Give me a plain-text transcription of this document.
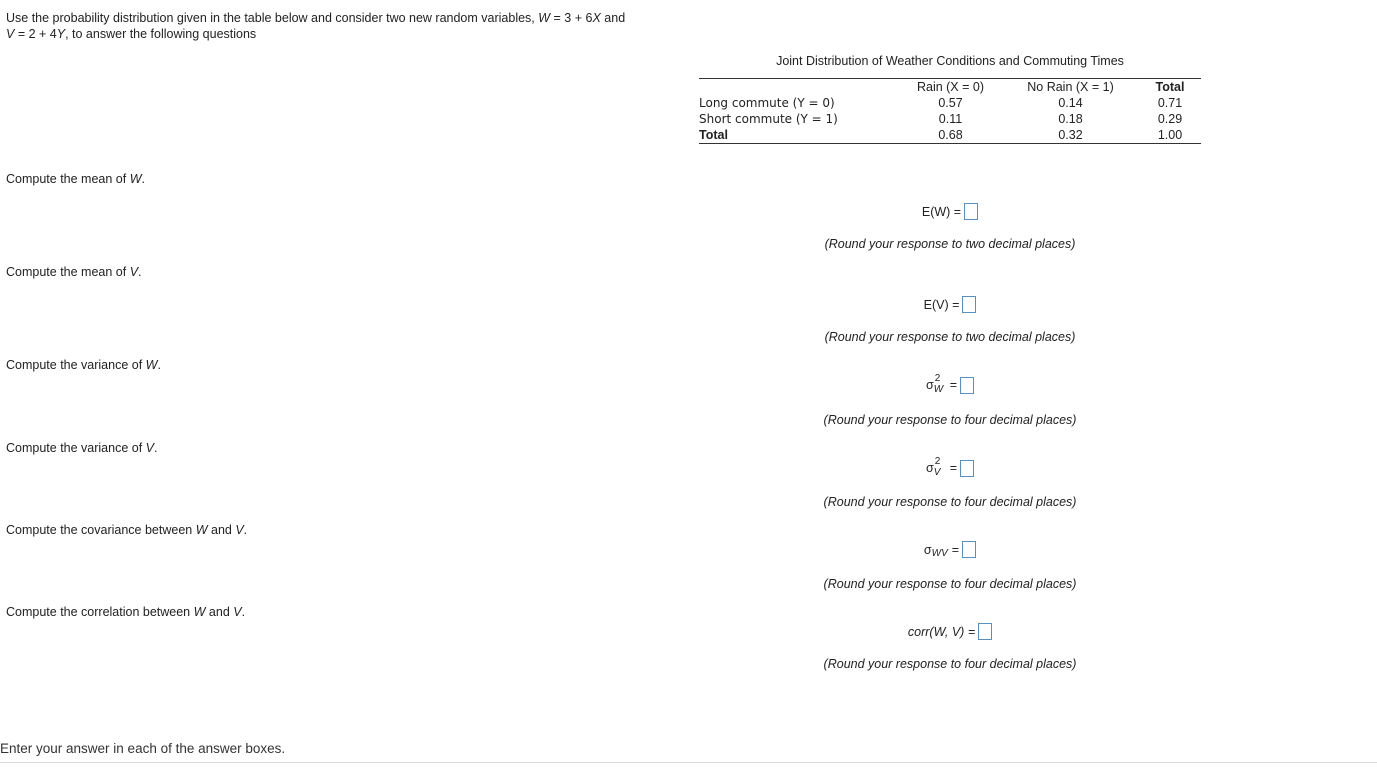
Use the probability distribution given in the table below and consider two new random variables, W = 3 + 6X and
V = 2 + 4Y, to answer the following questions
Joint Distribution of Weather Conditions and Commuting Times
	Rain (X = 0)	No Rain (X = 1)	Total
Long commute (Y = 0)	0.57	0.14	0.71
Short commute (Y = 1)	0.11	0.18	0.29
Total	0.68	0.32	1.00
Compute the mean of W.
E(W) =
(Round your response to two decimal places)
Compute the mean of V.
E(V) =
(Round your response to two decimal places)
Compute the variance of W.
σ 2
W =
(Round your response to four decimal places)
Compute the variance of V.
σ 2
V =
(Round your response to four decimal places)
Compute the covariance between W and V.
σ WV =
(Round your response to four decimal places)
Compute the correlation between W and V.
corr(W, V) =
(Round your response to four decimal places)
Enter your answer in each of the answer boxes.
